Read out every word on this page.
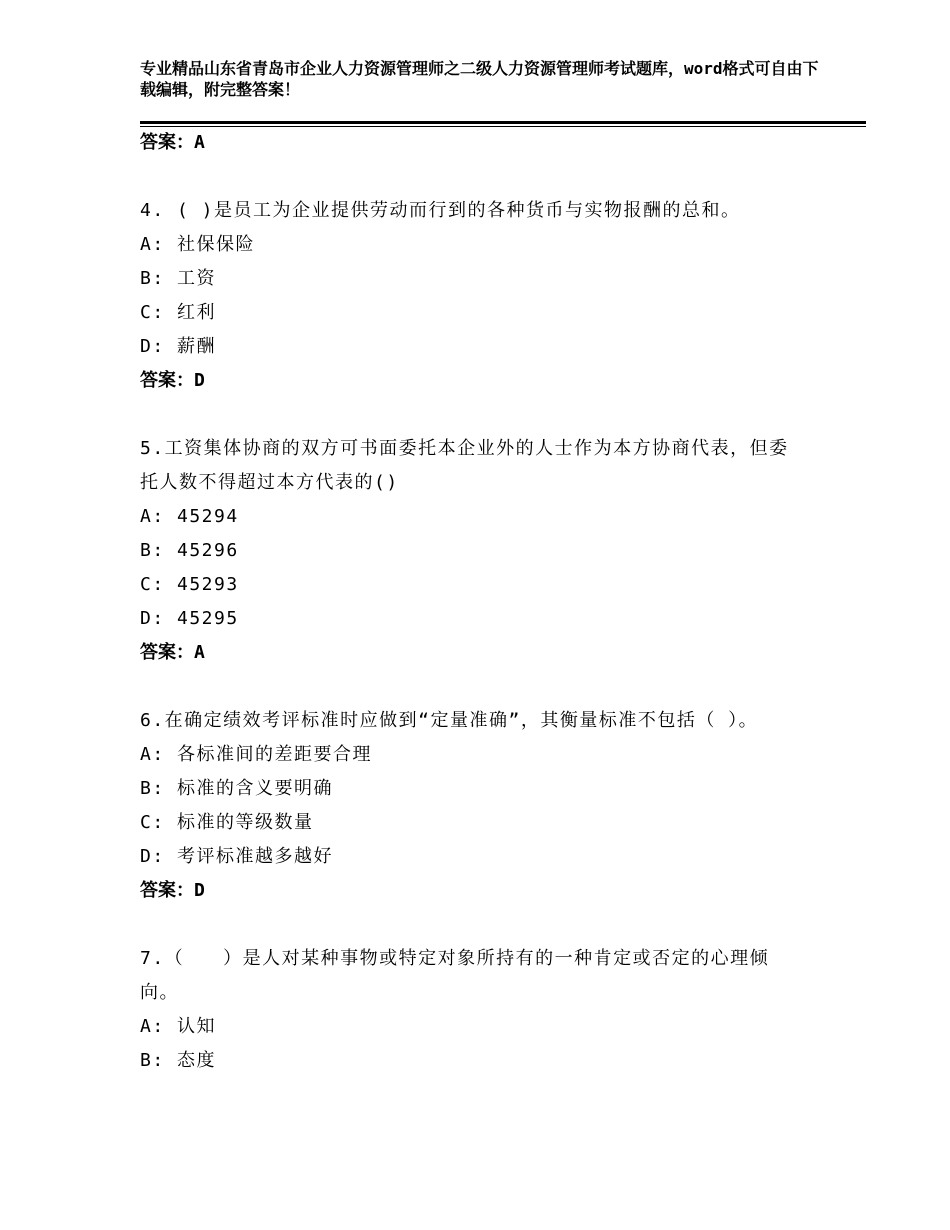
专业精品山东省青岛市企业人力资源管理师之二级人力资源管理师考试题库，word格式可自由下载编辑，附完整答案！
答案：A
4. ( )是员工为企业提供劳动而行到的各种货币与实物报酬的总和。
A: 社保保险
B: 工资
C: 红利
D: 薪酬
答案：D
5.工资集体协商的双方可书面委托本企业外的人士作为本方协商代表，但委托人数不得超过本方代表的()
A: 45294
B: 45296
C: 45293
D: 45295
答案：A
6.在确定绩效考评标准时应做到“定量准确”，其衡量标准不包括（ ）。
A: 各标准间的差距要合理
B: 标准的含义要明确
C: 标准的等级数量
D: 考评标准越多越好
答案：D
7.（　　）是人对某种事物或特定对象所持有的一种肯定或否定的心理倾向。
A: 认知
B: 态度
